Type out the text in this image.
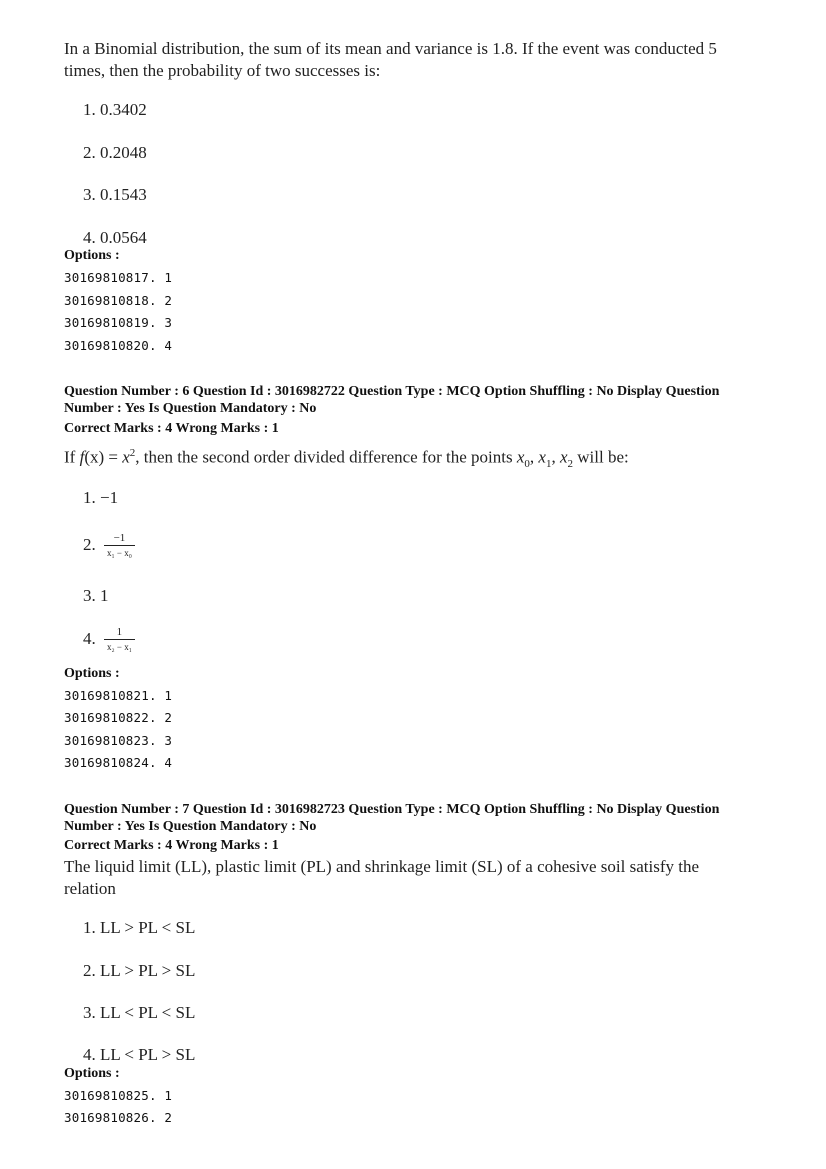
In a Binomial distribution, the sum of its mean and variance is 1.8. If the event was conducted 5
times, then the probability of two successes is:
1. 0.3402
2. 0.2048
3. 0.1543
4. 0.0564
Options :
30169810817. 1
30169810818. 2
30169810819. 3
30169810820. 4
Question Number : 6 Question Id : 3016982722 Question Type : MCQ Option Shuffling : No Display Question
Number : Yes Is Question Mandatory : No
Correct Marks : 4 Wrong Marks : 1
If $f(x) = x^2$, then the second order divided difference for the points $x_0$, $x_1$, $x_2$ will be:
1. −1
2. $\frac{-1}{\text{x₁ − x₀}}$
3. 1
4. $\frac{1}{\text{x₂ − x₁}}$
Options :
30169810821. 1
30169810822. 2
30169810823. 3
30169810824. 4
Question Number : 7 Question Id : 3016982723 Question Type : MCQ Option Shuffling : No Display Question
Number : Yes Is Question Mandatory : No
Correct Marks : 4 Wrong Marks : 1
The liquid limit (LL), plastic limit (PL) and shrinkage limit (SL) of a cohesive soil satisfy the
relation
1. LL > PL < SL
2. LL > PL > SL
3. LL < PL < SL
4. LL < PL > SL
Options :
30169810825. 1
30169810826. 2
